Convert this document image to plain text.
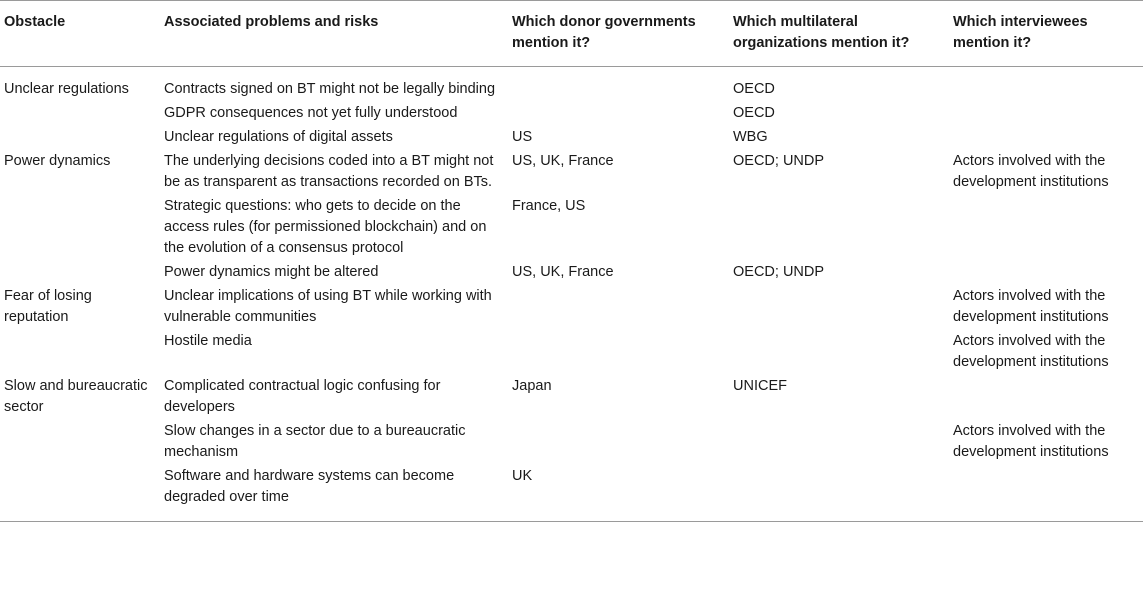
Obstacle	Associated problems and risks	Which donor governments mention it?	Which multilateral organizations mention it?	Which interviewees mention it?
Unclear regulations	Contracts signed on BT might not be legally binding		OECD	
	GDPR consequences not yet fully understood		OECD	
	Unclear regulations of digital assets	US	WBG	
Power dynamics	The underlying decisions coded into a BT might not be as transparent as transactions recorded on BTs.	US, UK, France	OECD; UNDP	Actors involved with the development institutions
	Strategic questions: who gets to decide on the access rules (for permissioned blockchain) and on the evolution of a consensus protocol	France, US		
	Power dynamics might be altered	US, UK, France	OECD; UNDP	
Fear of losing reputation	Unclear implications of using BT while working with vulnerable communities			Actors involved with the development institutions
	Hostile media			Actors involved with the development institutions
Slow and bureaucratic sector	Complicated contractual logic confusing for developers	Japan	UNICEF	
	Slow changes in a sector due to a bureaucratic mechanism			Actors involved with the development institutions
	Software and hardware systems can become degraded over time	UK		
